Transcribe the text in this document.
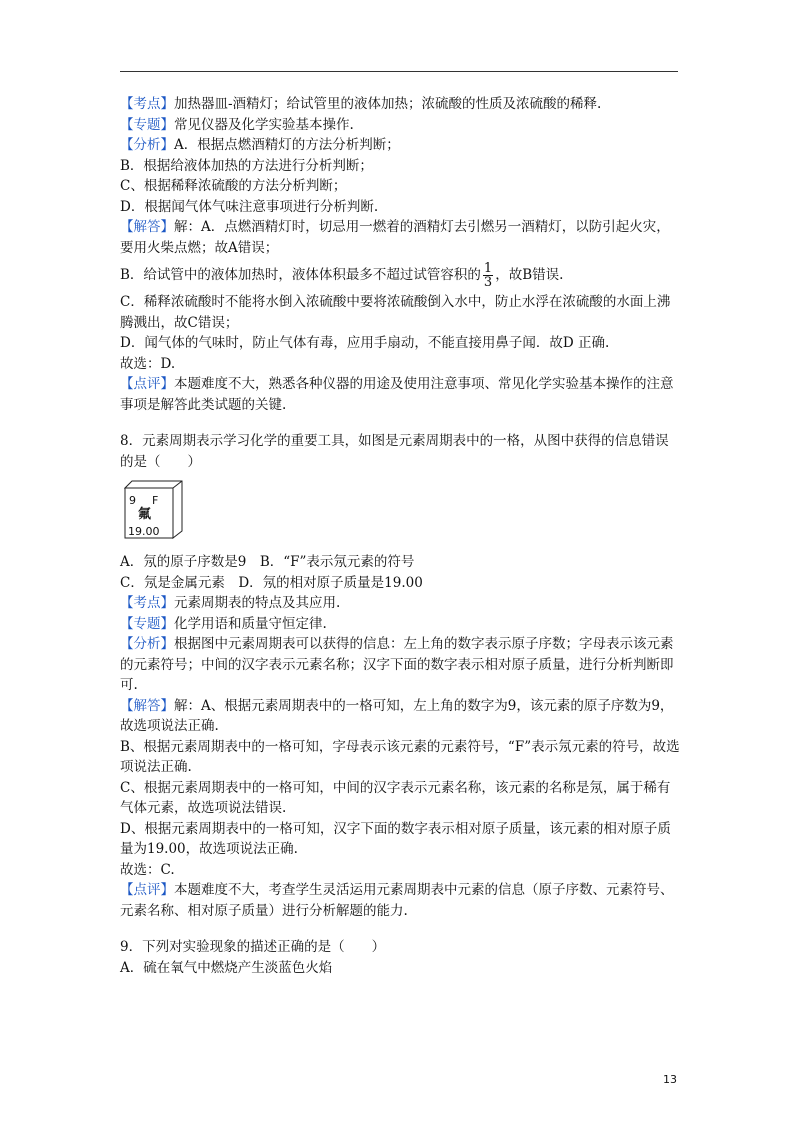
【考点】加热器皿-酒精灯；给试管里的液体加热；浓硫酸的性质及浓硫酸的稀释.

【专题】常见仪器及化学实验基本操作.

【分析】A．根据点燃酒精灯的方法分析判断；

B．根据给液体加热的方法进行分析判断；

C、根据稀释浓硫酸的方法分析判断；

D．根据闻气体气味注意事项进行分析判断.

【解答】解：A．点燃酒精灯时，切忌用一燃着的酒精灯去引燃另一酒精灯，以防引起火灾，要用火柴点燃；故A错误；

B．给试管中的液体加热时，液体体积最多不超过试管容积的 $\frac{1}{3}$ ，故B错误.

C．稀释浓硫酸时不能将水倒入浓硫酸中要将浓硫酸倒入水中，防止水浮在浓硫酸的水面上沸腾溅出，故C错误；

D．闻气体的气味时，防止气体有毒，应用手扇动，不能直接用鼻子闻．故D 正确.

故选：D.

【点评】本题难度不大，熟悉各种仪器的用途及使用注意事项、常见化学实验基本操作的注意事项是解答此类试题的关键.

8．元素周期表示学习化学的重要工具，如图是元素周期表中的一格，从图中获得的信息错误的是（　　）

9 F
氟
19.00

A．氖的原子序数是9　B．“F”表示氖元素的符号

C．氖是金属元素　D．氖的相对原子质量是19.00

【考点】元素周期表的特点及其应用.

【专题】化学用语和质量守恒定律.

【分析】根据图中元素周期表可以获得的信息：左上角的数字表示原子序数；字母表示该元素的元素符号；中间的汉字表示元素名称；汉字下面的数字表示相对原子质量，进行分析判断即可.

【解答】解：A、根据元素周期表中的一格可知，左上角的数字为9，该元素的原子序数为9，故选项说法正确.

B、根据元素周期表中的一格可知，字母表示该元素的元素符号，“F”表示氖元素的符号，故选项说法正确.

C、根据元素周期表中的一格可知，中间的汉字表示元素名称，该元素的名称是氖，属于稀有气体元素，故选项说法错误.

D、根据元素周期表中的一格可知，汉字下面的数字表示相对原子质量，该元素的相对原子质量为19.00，故选项说法正确.

故选：C.

【点评】本题难度不大，考查学生灵活运用元素周期表中元素的信息（原子序数、元素符号、元素名称、相对原子质量）进行分析解题的能力.

9．下列对实验现象的描述正确的是（　　）

A．硫在氧气中燃烧产生淡蓝色火焰

13
